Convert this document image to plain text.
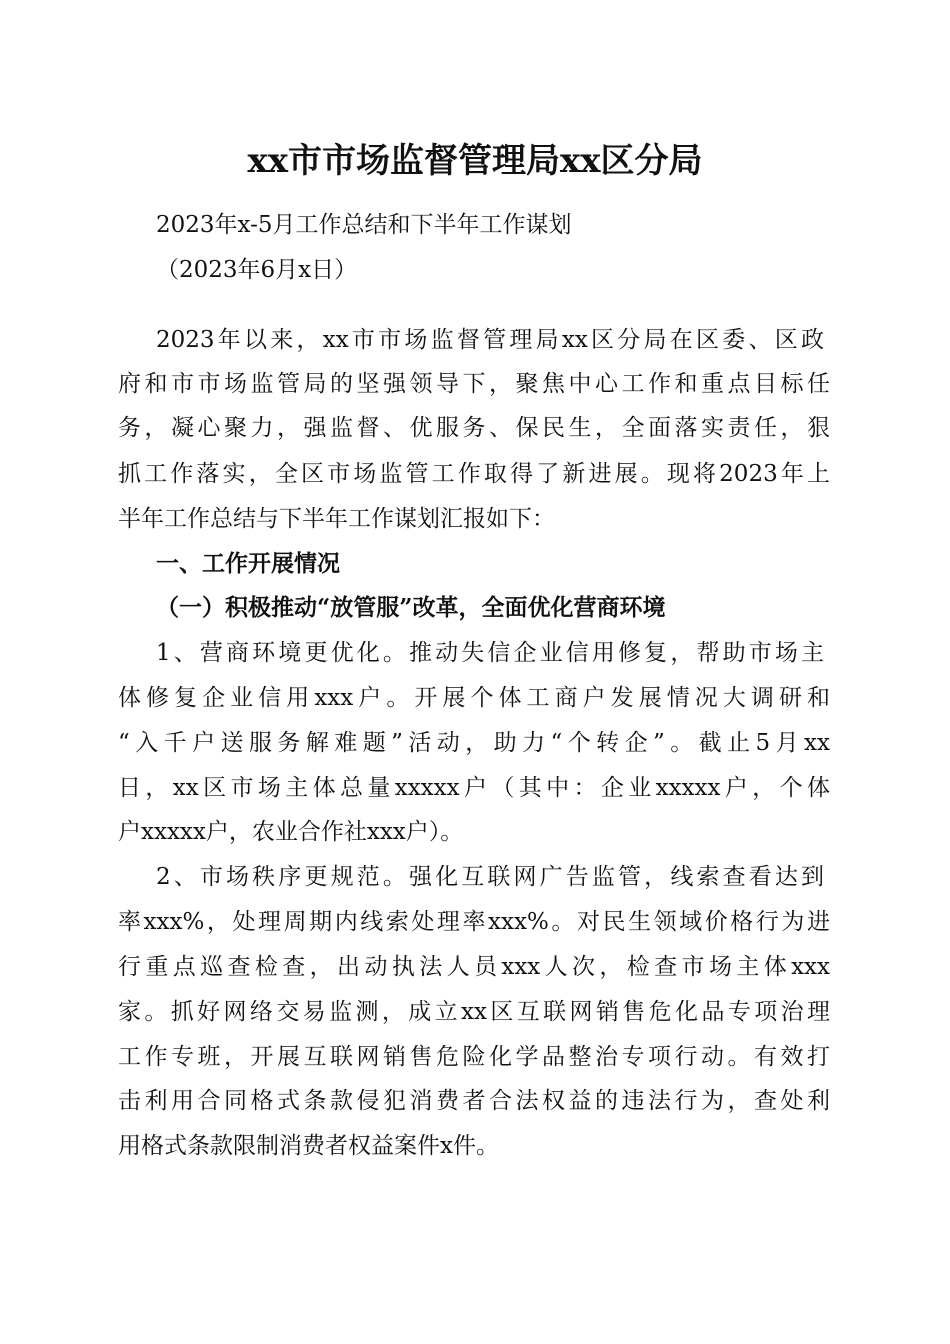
xx市市场监督管理局xx区分局

2023年x-5月工作总结和下半年工作谋划

（2023年6月x日）

2023年以来，xx市市场监督管理局xx区分局在区委、区政

府和市市场监管局的坚强领导下，聚焦中心工作和重点目标任

务，凝心聚力，强监督、优服务、保民生，全面落实责任，狠

抓工作落实，全区市场监管工作取得了新进展。现将2023年上

半年工作总结与下半年工作谋划汇报如下：

一、工作开展情况

（一）积极推动“放管服”改革，全面优化营商环境

1、营商环境更优化。推动失信企业信用修复，帮助市场主

体修复企业信用xxx户。开展个体工商户发展情况大调研和

“入千户送服务解难题”活动，助力“个转企”。截止5月xx

日，xx区市场主体总量xxxxx户（其中：企业xxxxx户，个体

户xxxxx户，农业合作社xxx户）。

2、市场秩序更规范。强化互联网广告监管，线索查看达到

率xxx%，处理周期内线索处理率xxx%。对民生领域价格行为进

行重点巡查检查，出动执法人员xxx人次，检查市场主体xxx

家。抓好网络交易监测，成立xx区互联网销售危化品专项治理

工作专班，开展互联网销售危险化学品整治专项行动。有效打

击利用合同格式条款侵犯消费者合法权益的违法行为，查处利

用格式条款限制消费者权益案件x件。
